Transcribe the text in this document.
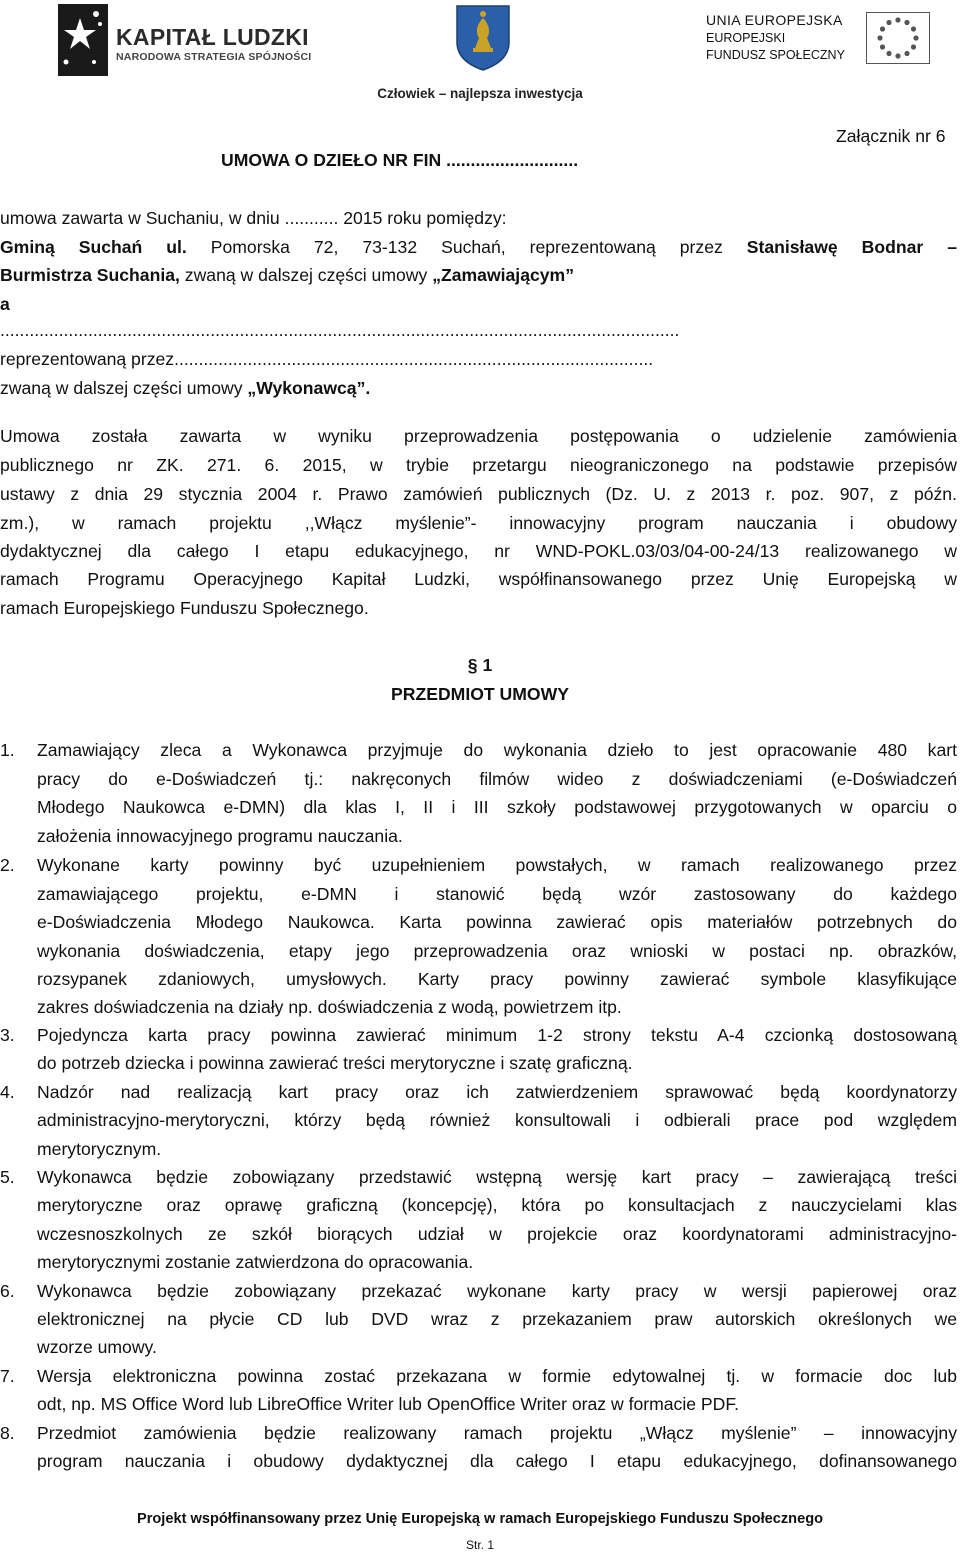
KAPITAŁ LUDZKI
NARODOWA STRATEGIA SPÓJNOŚCI
Człowiek – najlepsza inwestycja
UNIA EUROPEJSKA
EUROPEJSKI
FUNDUSZ SPOŁECZNY
Załącznik nr 6
UMOWA O DZIEŁO NR FIN ...........................
umowa zawarta w Suchaniu, w dniu ........... 2015 roku pomiędzy:
Gminą Suchań ul. Pomorska 72, 73-132 Suchań, reprezentowaną przez Stanisławę Bodnar –
Burmistrza Suchania, zwaną w dalszej części umowy „Zamawiającym”
a
...........................................................................................................................................
reprezentowaną przez..................................................................................................
zwaną w dalszej części umowy „Wykonawcą”.
Umowa została zawarta w wyniku przeprowadzenia postępowania o udzielenie zamówienia
publicznego nr ZK. 271. 6. 2015, w trybie przetargu nieograniczonego na podstawie przepisów
ustawy z dnia 29 stycznia 2004 r. Prawo zamówień publicznych (Dz. U. z 2013 r. poz. 907, z późn.
zm.), w ramach projektu ,,Włącz myślenie”- innowacyjny program nauczania i obudowy
dydaktycznej dla całego I etapu edukacyjnego, nr WND-POKL.03/03/04-00-24/13 realizowanego w
ramach Programu Operacyjnego Kapitał Ludzki, współfinansowanego przez Unię Europejską w
ramach Europejskiego Funduszu Społecznego.
§ 1
PRZEDMIOT UMOWY
1. Zamawiający zleca a Wykonawca przyjmuje do wykonania dzieło to jest opracowanie 480 kart
pracy do e-Doświadczeń tj.: nakręconych filmów wideo z doświadczeniami (e-Doświadczeń
Młodego Naukowca e-DMN) dla klas I, II i III szkoły podstawowej przygotowanych w oparciu o
założenia innowacyjnego programu nauczania.
2. Wykonane karty powinny być uzupełnieniem powstałych, w ramach realizowanego przez
zamawiającego projektu, e-DMN i stanowić będą wzór zastosowany do każdego
e-Doświadczenia Młodego Naukowca. Karta powinna zawierać opis materiałów potrzebnych do
wykonania doświadczenia, etapy jego przeprowadzenia oraz wnioski w postaci np. obrazków,
rozsypanek zdaniowych, umysłowych. Karty pracy powinny zawierać symbole klasyfikujące
zakres doświadczenia na działy np. doświadczenia z wodą, powietrzem itp.
3. Pojedyncza karta pracy powinna zawierać minimum 1-2 strony tekstu A-4 czcionką dostosowaną
do potrzeb dziecka i powinna zawierać treści merytoryczne i szatę graficzną.
4. Nadzór nad realizacją kart pracy oraz ich zatwierdzeniem sprawować będą koordynatorzy
administracyjno-merytoryczni, którzy będą również konsultowali i odbierali prace pod względem
merytorycznym.
5. Wykonawca będzie zobowiązany przedstawić wstępną wersję kart pracy – zawierającą treści
merytoryczne oraz oprawę graficzną (koncepcję), która po konsultacjach z nauczycielami klas
wczesnoszkolnych ze szkół biorących udział w projekcie oraz koordynatorami administracyjno-
merytorycznymi zostanie zatwierdzona do opracowania.
6. Wykonawca będzie zobowiązany przekazać wykonane karty pracy w wersji papierowej oraz
elektronicznej na płycie CD lub DVD wraz z przekazaniem praw autorskich określonych we
wzorze umowy.
7. Wersja elektroniczna powinna zostać przekazana w formie edytowalnej tj. w formacie doc lub
odt, np. MS Office Word lub LibreOffice Writer lub OpenOffice Writer oraz w formacie PDF.
8. Przedmiot zamówienia będzie realizowany ramach projektu „Włącz myślenie” – innowacyjny
program nauczania i obudowy dydaktycznej dla całego I etapu edukacyjnego, dofinansowanego
Projekt współfinansowany przez Unię Europejską w ramach Europejskiego Funduszu Społecznego
Str. 1
